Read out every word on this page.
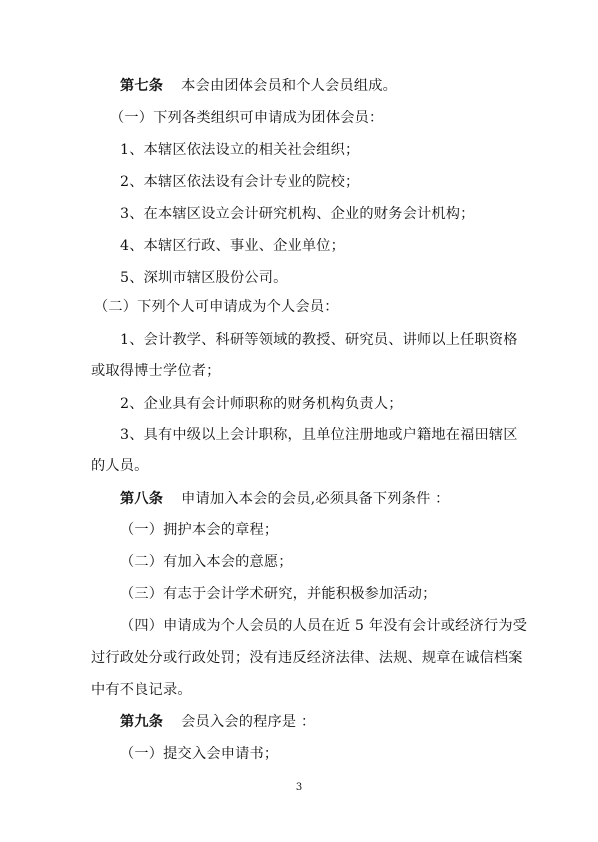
第七条 本会由团体会员和个人会员组成。
（一）下列各类组织可申请成为团体会员：
1、本辖区依法设立的相关社会组织；
2、本辖区依法设有会计专业的院校；
3、在本辖区设立会计研究机构、企业的财务会计机构；
4、本辖区行政、事业、企业单位；
5、深圳市辖区股份公司。
（二）下列个人可申请成为个人会员：
1、会计教学、科研等领域的教授、研究员、讲师以上任职资格
或取得博士学位者；
2、企业具有会计师职称的财务机构负责人；
3、具有中级以上会计职称，且单位注册地或户籍地在福田辖区
的人员。
第八条 申请加入本会的会员,必须具备下列条件 ：
（一）拥护本会的章程；
（二）有加入本会的意愿；
（三）有志于会计学术研究，并能积极参加活动；
（四）申请成为个人会员的人员在近 5 年没有会计或经济行为受
过行政处分或行政处罚；没有违反经济法律、法规、规章在诚信档案
中有不良记录。
第九条 会员入会的程序是 ：
（一）提交入会申请书；
3
